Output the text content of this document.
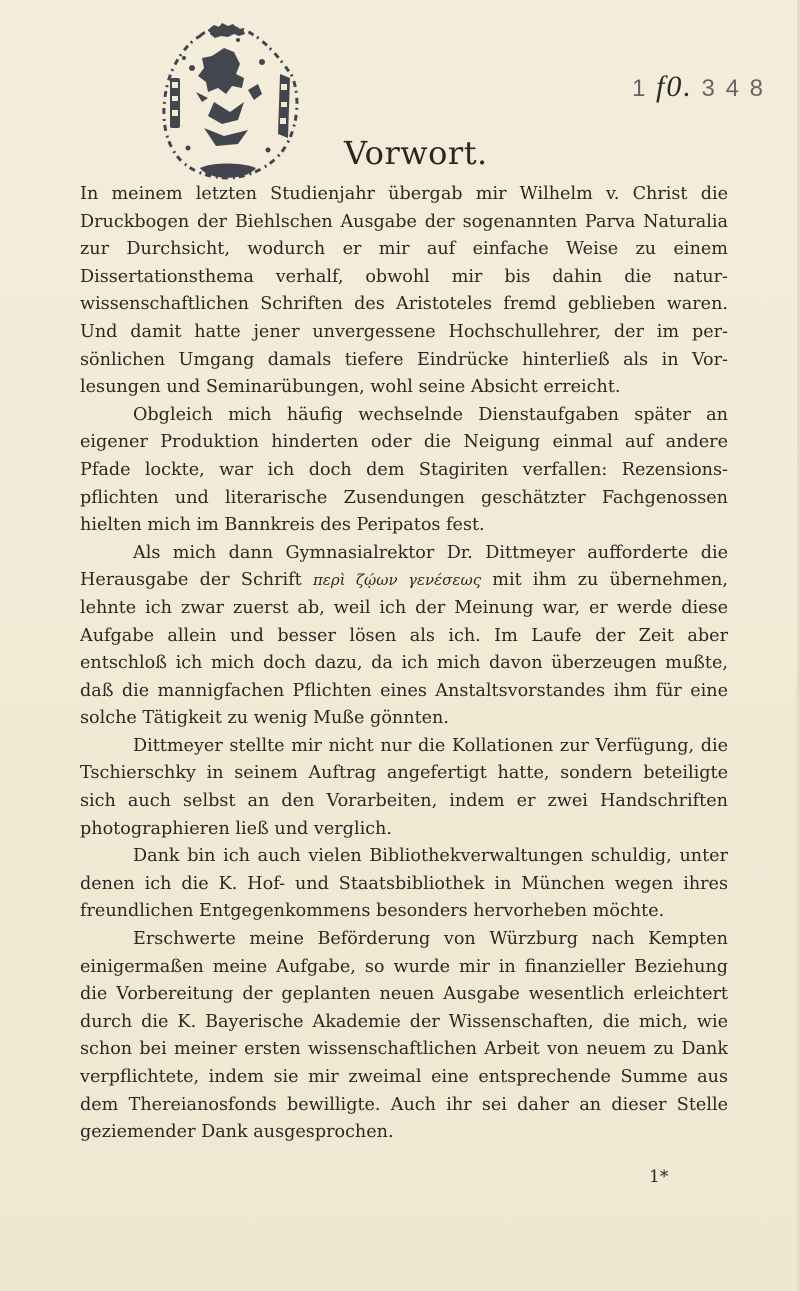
1 f0. 3 4 8
Vorwort.

In meinem letzten Studienjahr übergab mir Wilhelm v. Christ die Druckbogen der Biehlschen Ausgabe der sogenannten Parva Naturalia zur Durchsicht, wodurch er mir auf einfache Weise zu einem Dissertationsthema verhalf, obwohl mir bis dahin die naturwissenschaftlichen Schriften des Aristoteles fremd geblieben waren. Und damit hatte jener unvergessene Hochschullehrer, der im persönlichen Umgang damals tiefere Eindrücke hinterließ als in Vorlesungen und Seminarübungen, wohl seine Absicht erreicht.

Obgleich mich häufig wechselnde Dienstaufgaben später an eigener Produktion hinderten oder die Neigung einmal auf andere Pfade lockte, war ich doch dem Stagiriten verfallen: Rezensionspflichten und literarische Zusendungen geschätzter Fachgenossen hielten mich im Bannkreis des Peripatos fest.

Als mich dann Gymnasialrektor Dr. Dittmeyer aufforderte die Herausgabe der Schrift περὶ ζῴων γενέσεως mit ihm zu übernehmen, lehnte ich zwar zuerst ab, weil ich der Meinung war, er werde diese Aufgabe allein und besser lösen als ich. Im Laufe der Zeit aber entschloß ich mich doch dazu, da ich mich davon überzeugen mußte, daß die mannigfachen Pflichten eines Anstaltsvorstandes ihm für eine solche Tätigkeit zu wenig Muße gönnten.

Dittmeyer stellte mir nicht nur die Kollationen zur Verfügung, die Tschierschky in seinem Auftrag angefertigt hatte, sondern beteiligte sich auch selbst an den Vorarbeiten, indem er zwei Handschriften photographieren ließ und verglich.

Dank bin ich auch vielen Bibliothekverwaltungen schuldig, unter denen ich die K. Hof- und Staatsbibliothek in München wegen ihres freundlichen Entgegenkommens besonders hervorheben möchte.

Erschwerte meine Beförderung von Würzburg nach Kempten einigermaßen meine Aufgabe, so wurde mir in finanzieller Beziehung die Vorbereitung der geplanten neuen Ausgabe wesentlich erleichtert durch die K. Bayerische Akademie der Wissenschaften, die mich, wie schon bei meiner ersten wissenschaftlichen Arbeit von neuem zu Dank verpflichtete, indem sie mir zweimal eine entsprechende Summe aus dem Thereianosfonds bewilligte. Auch ihr sei daher an dieser Stelle geziemender Dank ausgesprochen.

1*
